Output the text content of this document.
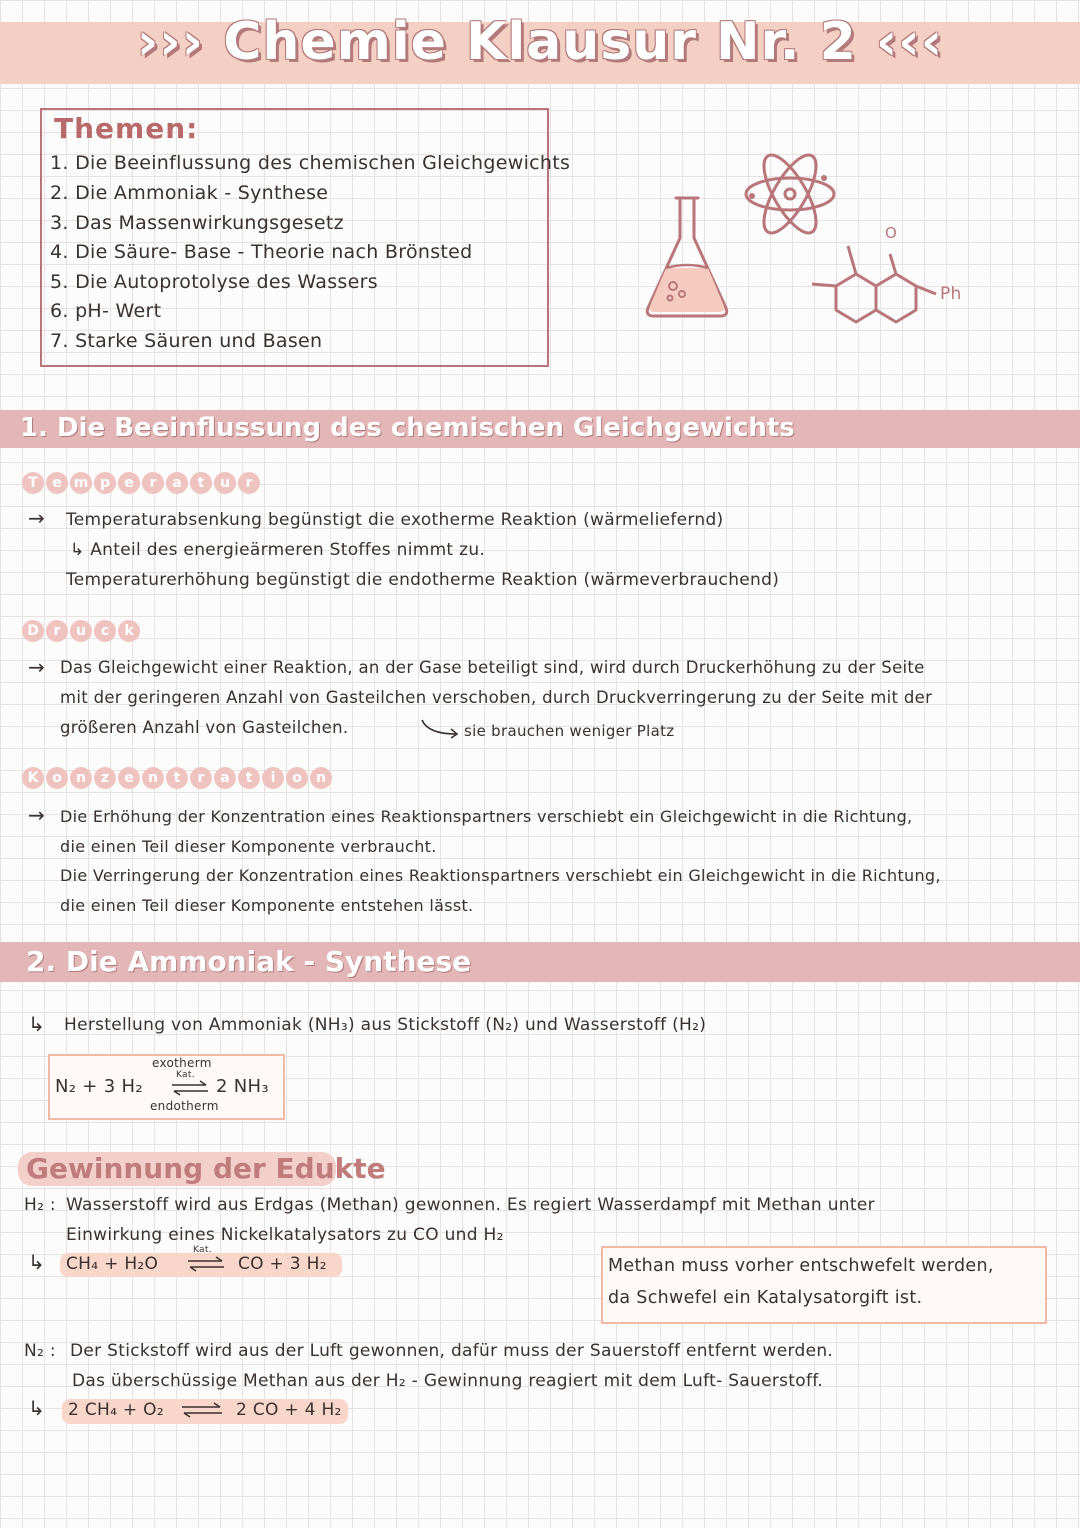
››› Chemie Klausur Nr. 2 ‹‹‹
Themen:
1. Die Beeinflussung des chemischen Gleichgewichts
2. Die Ammoniak - Synthese
3. Das Massenwirkungsgesetz
4. Die Säure- Base - Theorie nach Brönsted
5. Die Autoprotolyse des Wassers
6. pH- Wert
7. Starke Säuren und Basen
O
Ph
1. Die Beeinflussung des chemischen Gleichgewichts
T	e m p	e	r	a	t	u	r
→ Temperaturabsenkung begünstigt die exotherme Reaktion (wärmeliefernd)
↳ Anteil des energieärmeren Stoffes nimmt zu.
Temperaturerhöhung begünstigt die endotherme Reaktion (wärmeverbrauchend)
D	r	u	c	k
→ Das Gleichgewicht einer Reaktion, an der Gase beteiligt sind, wird durch Druckerhöhung zu der Seite
mit der geringeren Anzahl von Gasteilchen verschoben, durch Druckverringerung zu der Seite mit der
größeren Anzahl von Gasteilchen.	sie brauchen weniger Platz
K o	n	z	e	n	t	r	a	t	i	o	n
→ Die Erhöhung der Konzentration eines Reaktionspartners verschiebt ein Gleichgewicht in die Richtung,
die einen Teil dieser Komponente verbraucht.
Die Verringerung der Konzentration eines Reaktionspartners verschiebt ein Gleichgewicht in die Richtung,
die einen Teil dieser Komponente entstehen lässt.
2. Die Ammoniak - Synthese
↳ Herstellung von Ammoniak (NH₃) aus Stickstoff (N₂) und Wasserstoff (H₂)
exotherm
N₂ + 3 H₂
Kat.
⇌ 2 NH₃
endotherm
Gewinnung der Edukte
H₂ : Wasserstoff wird aus Erdgas (Methan) gewonnen. Es regiert Wasserdampf mit Methan unter
Einwirkung eines Nickelkatalysators zu CO und H₂
↳ CH₄ + H₂O
Kat.
⇌ CO + 3 H₂	Methan muss vorher entschwefelt werden,
da Schwefel ein Katalysatorgift ist.
N₂ : Der Stickstoff wird aus der Luft gewonnen, dafür muss der Sauerstoff entfernt werden.
Das überschüssige Methan aus der H₂ - Gewinnung reagiert mit dem Luft- Sauerstoff.
↳ 2 CH₄ + O₂ ⇌ 2 CO + 4 H₂
